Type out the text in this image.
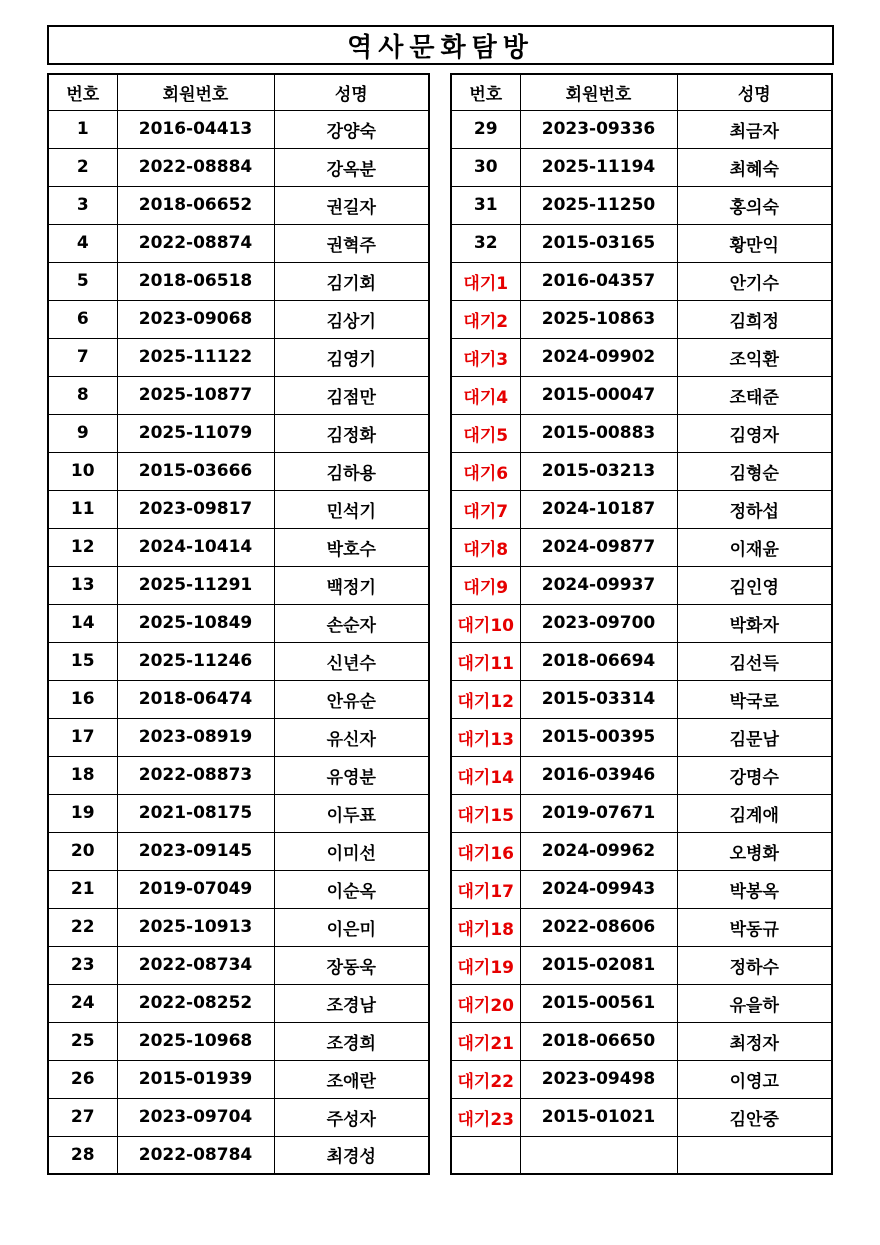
역사문화탐방
번호	회원번호	성명
1	2016-04413	강양숙
2	2022-08884	강옥분
3	2018-06652	권길자
4	2022-08874	권혁주
5	2018-06518	김기회
6	2023-09068	김상기
7	2025-11122	김영기
8	2025-10877	김점만
9	2025-11079	김정화
10	2015-03666	김하용
11	2023-09817	민석기
12	2024-10414	박호수
13	2025-11291	백정기
14	2025-10849	손순자
15	2025-11246	신년수
16	2018-06474	안유순
17	2023-08919	유신자
18	2022-08873	유영분
19	2021-08175	이두표
20	2023-09145	이미선
21	2019-07049	이순옥
22	2025-10913	이은미
23	2022-08734	장동욱
24	2022-08252	조경남
25	2025-10968	조경희
26	2015-01939	조애란
27	2023-09704	주성자
28	2022-08784	최경성
번호	회원번호	성명
29	2023-09336	최금자
30	2025-11194	최혜숙
31	2025-11250	홍의숙
32	2015-03165	황만익
대기1	2016-04357	안기수
대기2	2025-10863	김희정
대기3	2024-09902	조익환
대기4	2015-00047	조태준
대기5	2015-00883	김영자
대기6	2015-03213	김형순
대기7	2024-10187	정하섭
대기8	2024-09877	이재윤
대기9	2024-09937	김인영
대기10	2023-09700	박화자
대기11	2018-06694	김선득
대기12	2015-03314	박국로
대기13	2015-00395	김문남
대기14	2016-03946	강명수
대기15	2019-07671	김계애
대기16	2024-09962	오병화
대기17	2024-09943	박봉옥
대기18	2022-08606	박동규
대기19	2015-02081	정하수
대기20	2015-00561	유을하
대기21	2018-06650	최정자
대기22	2023-09498	이영고
대기23	2015-01021	김안중
